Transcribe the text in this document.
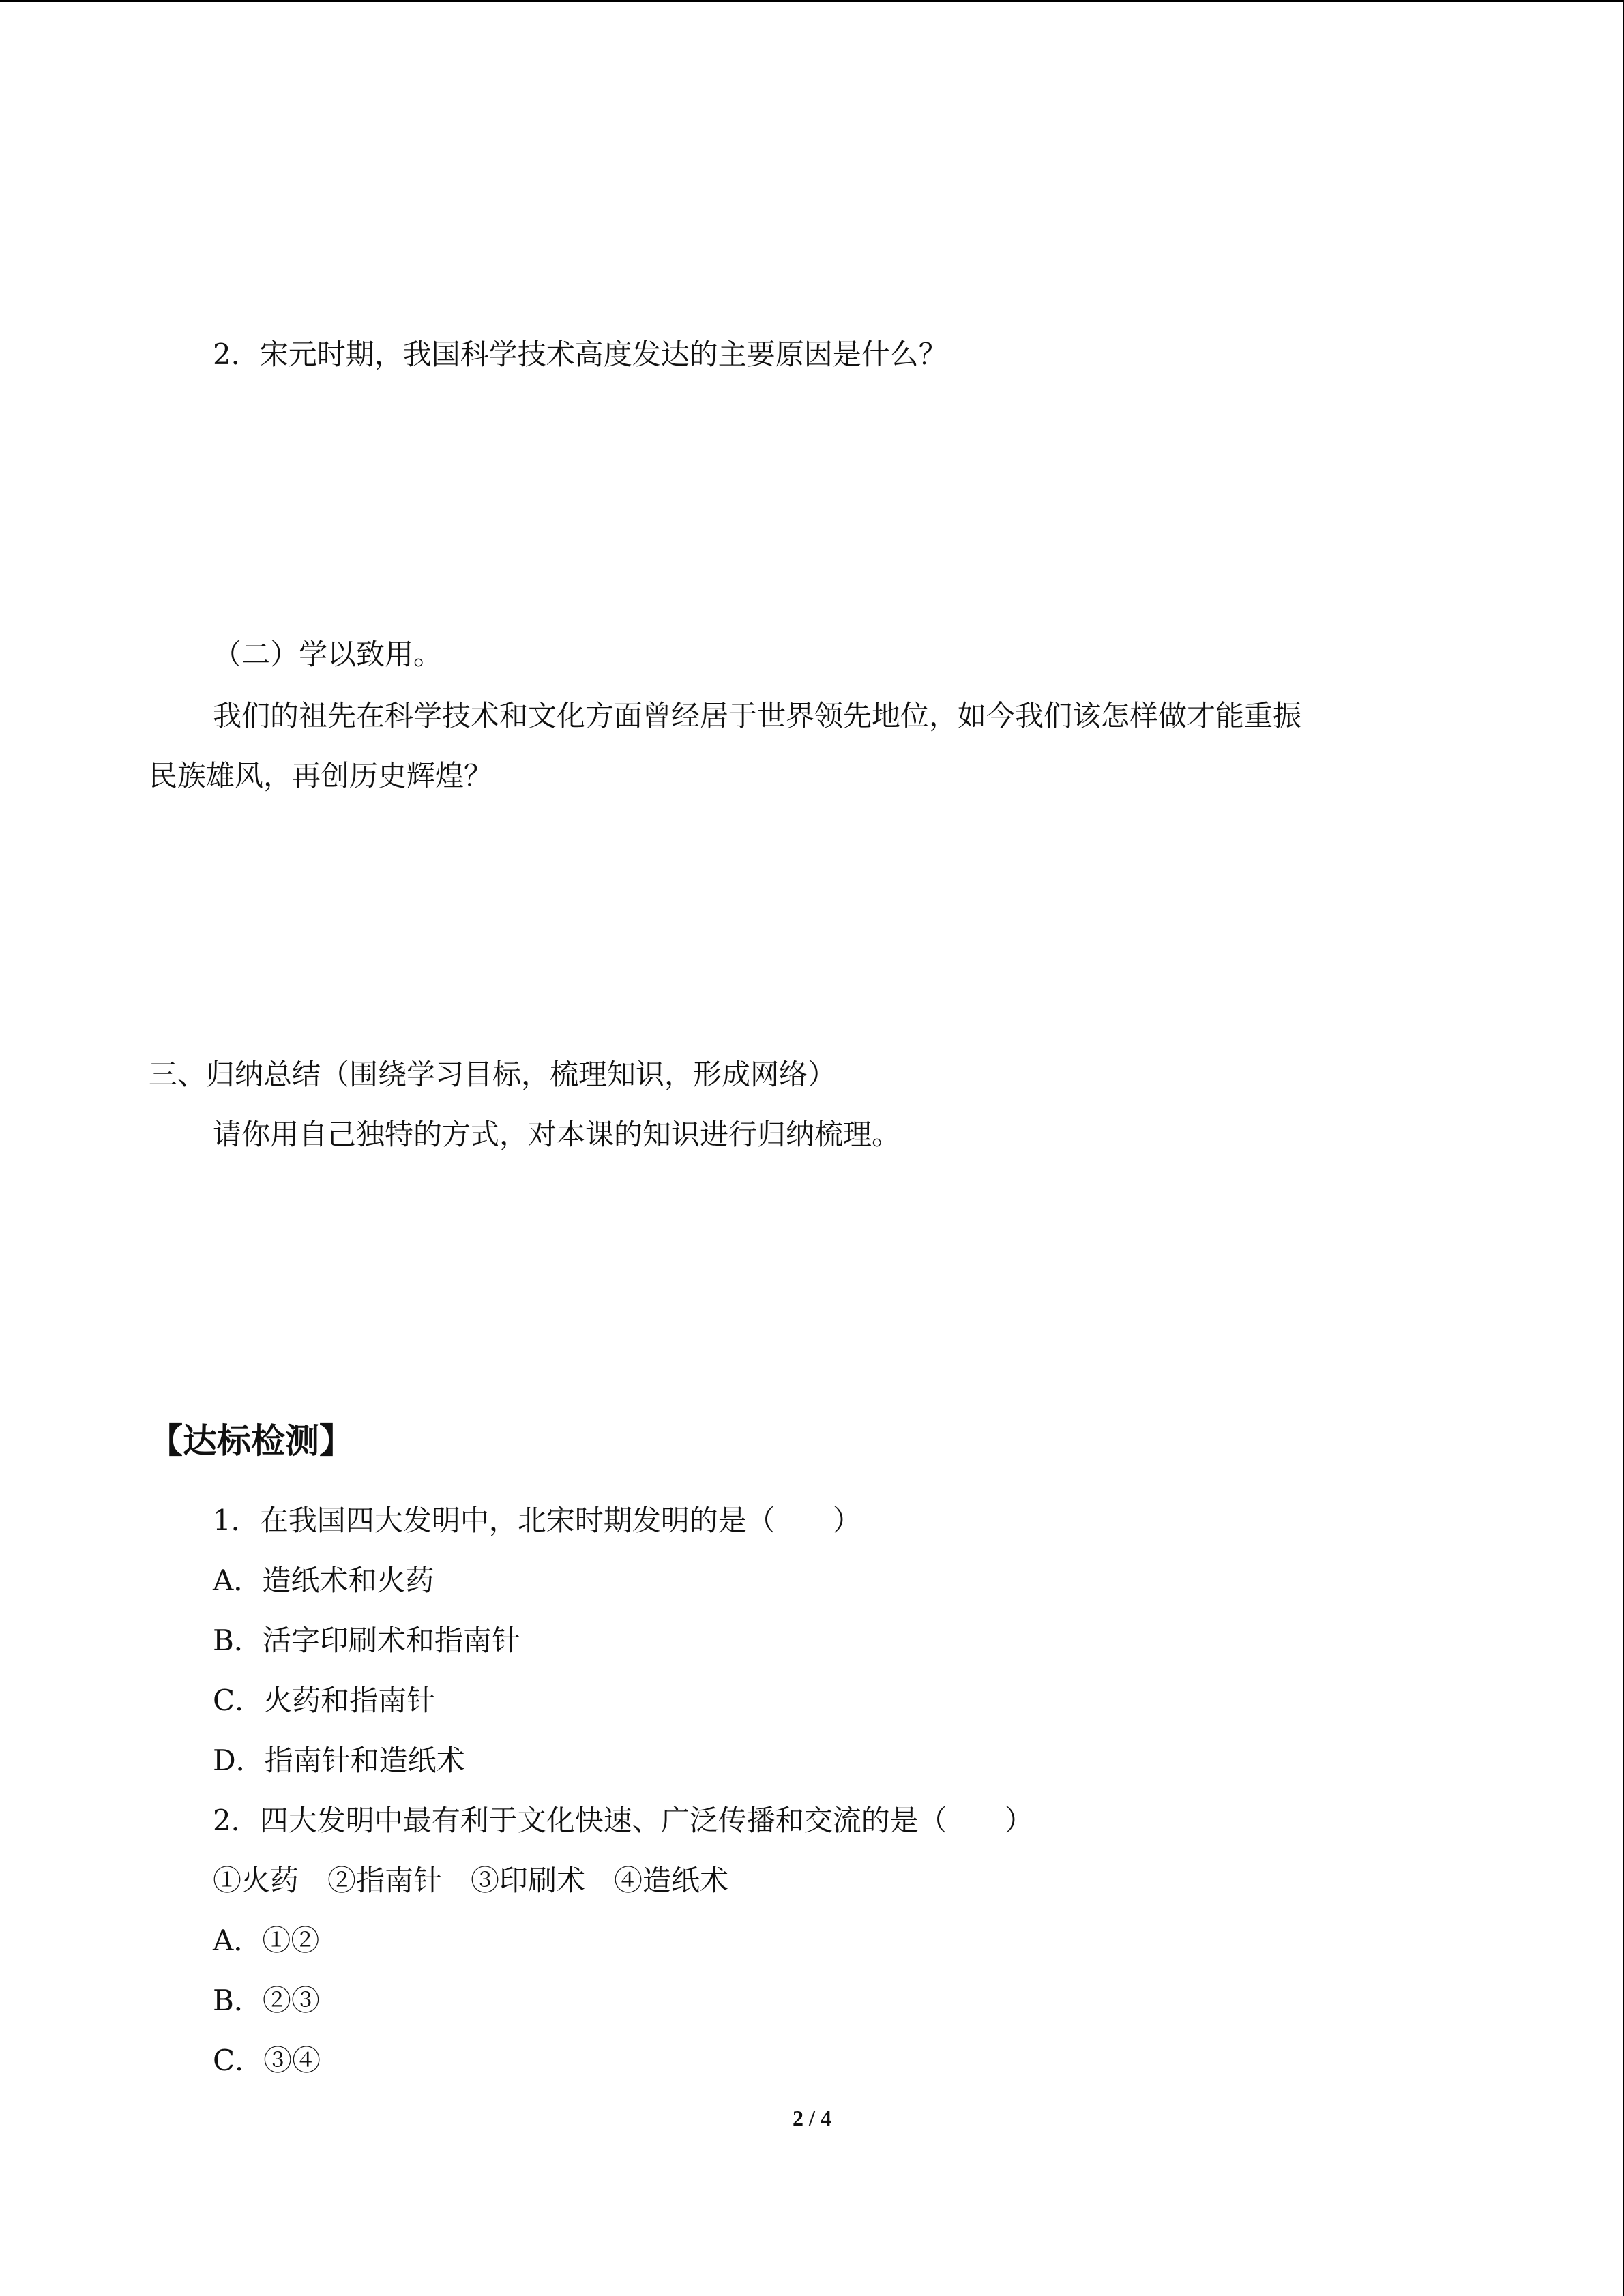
2．宋元时期，我国科学技术高度发达的主要原因是什么？
（二）学以致用。
我们的祖先在科学技术和文化方面曾经居于世界领先地位，如今我们该怎样做才能重振
民族雄风，再创历史辉煌？
三、归纳总结（围绕学习目标，梳理知识，形成网络）
请你用自己独特的方式，对本课的知识进行归纳梳理。
【达标检测】
1．在我国四大发明中，北宋时期发明的是（　　）
A．造纸术和火药
B．活字印刷术和指南针
C．火药和指南针
D．指南针和造纸术
2．四大发明中最有利于文化快速、广泛传播和交流的是（　　）
①火药　②指南针　③印刷术　④造纸术
A．①②
B．②③
C．③④
2 / 4
